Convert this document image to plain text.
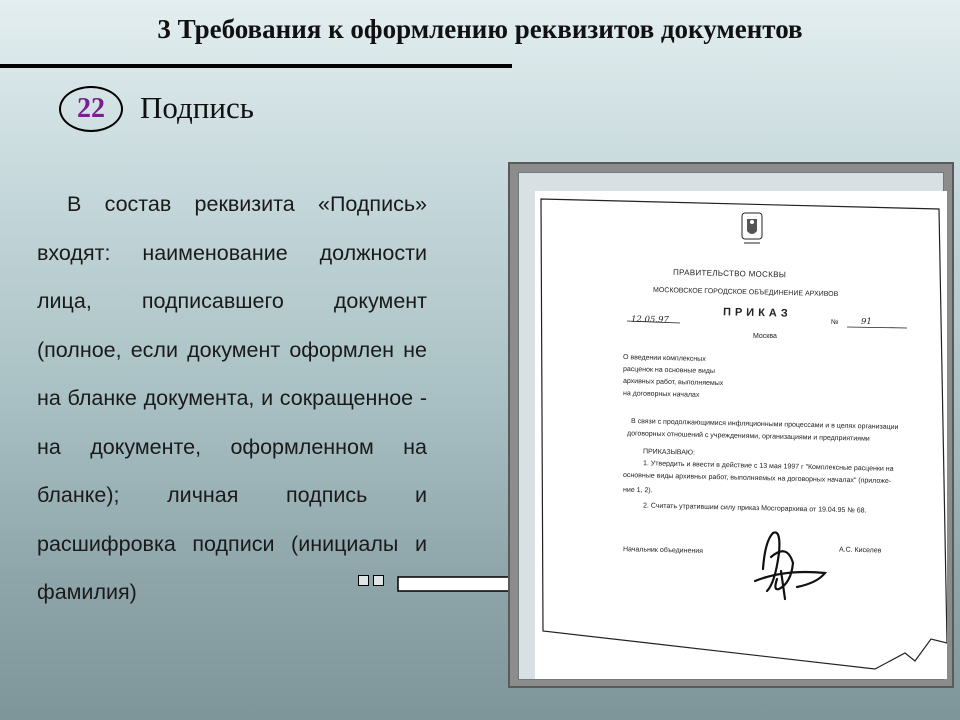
3 Требования к оформлению реквизитов документов
22 Подпись
В состав реквизита «Подпись» входят: наименование должности лица, подписавшего документ (полное, если документ оформлен не на бланке документа, и сокращенное - на документе, оформленном на бланке); личная подпись и расшифровка подписи (инициалы и фамилия)
ПРАВИТЕЛЬСТВО МОСКВЫ
МОСКОВСКОЕ ГОРОДСКОЕ ОБЪЕДИНЕНИЕ АРХИВОВ
ПРИКАЗ
12.05.97	№	91
Москва
О введении комплексных
расценок на основные виды
архивных работ, выполняемых
на договорных началах
В связи с продолжающимися инфляционными процессами и в целях организации
договорных отношений с учреждениями, организациями и предприятиями
ПРИКАЗЫВАЮ:
1. Утвердить и ввести в действие с 13 мая 1997 г "Комплексные расценки на
основные виды архивных работ, выполняемых на договорных началах" (приложе-
ние 1, 2).
2. Считать утратившим силу приказ Мосгорархива от 19.04.95 № 68.
Начальник объединения	А.С. Киселев
